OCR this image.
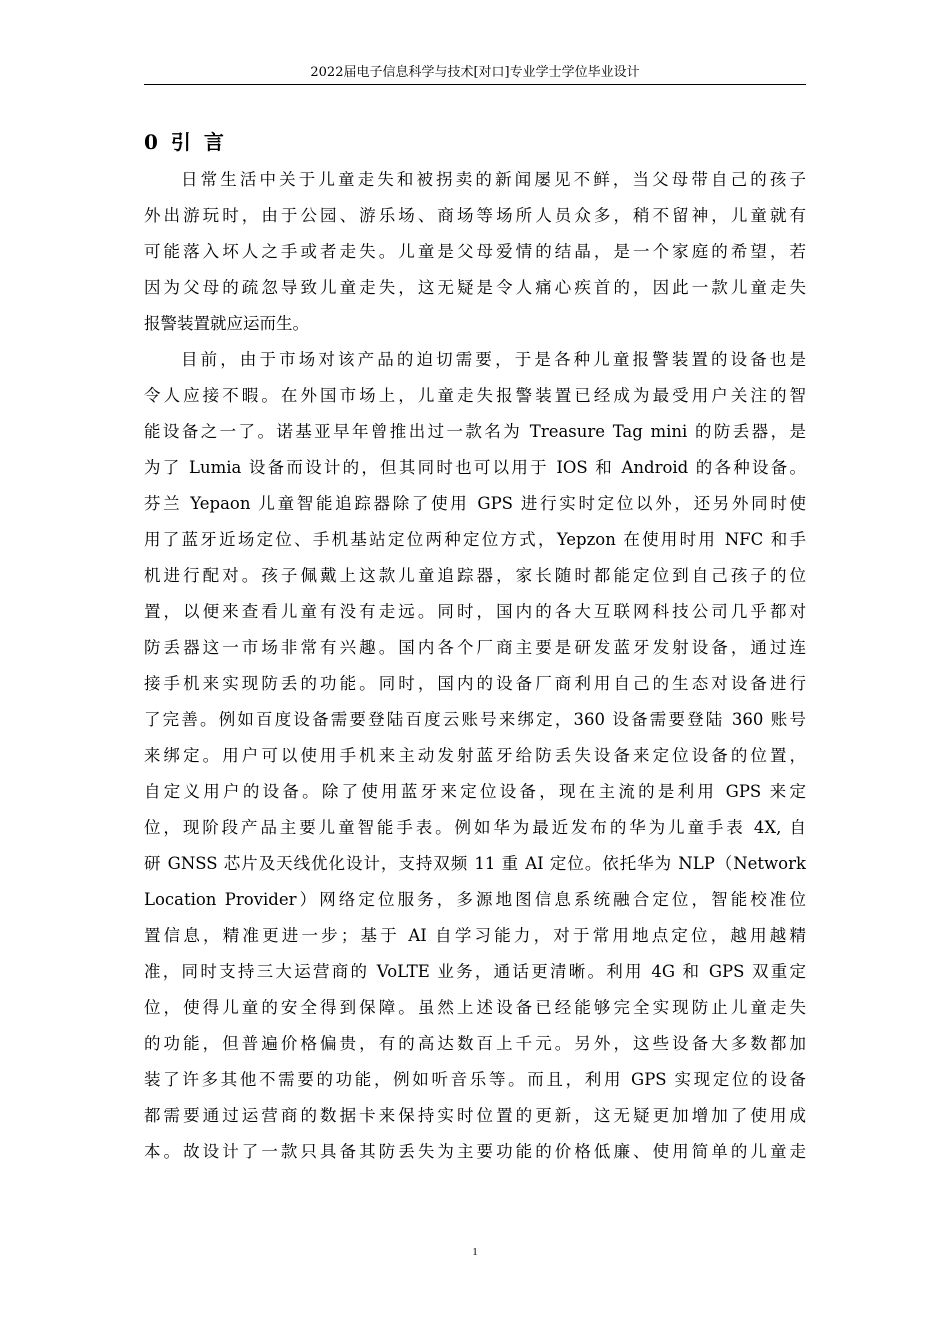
2022届电子信息科学与技术[对口]专业学士学位毕业设计
0 引 言
日常生活中关于儿童走失和被拐卖的新闻屡见不鲜，当父母带自己的孩子
外出游玩时，由于公园、游乐场、商场等场所人员众多，稍不留神，儿童就有
可能落入坏人之手或者走失。儿童是父母爱情的结晶，是一个家庭的希望，若
因为父母的疏忽导致儿童走失，这无疑是令人痛心疾首的，因此一款儿童走失
报警装置就应运而生。
目前，由于市场对该产品的迫切需要，于是各种儿童报警装置的设备也是
令人应接不暇。在外国市场上，儿童走失报警装置已经成为最受用户关注的智
能设备之一了。诺基亚早年曾推出过一款名为 Treasure Tag mini 的防丢器，是
为了 Lumia 设备而设计的，但其同时也可以用于 IOS 和 Android 的各种设备。
芬兰 Yepaon 儿童智能追踪器除了使用 GPS 进行实时定位以外，还另外同时使
用了蓝牙近场定位、手机基站定位两种定位方式，Yepzon 在使用时用 NFC 和手
机进行配对。孩子佩戴上这款儿童追踪器，家长随时都能定位到自己孩子的位
置，以便来查看儿童有没有走远。同时，国内的各大互联网科技公司几乎都对
防丢器这一市场非常有兴趣。国内各个厂商主要是研发蓝牙发射设备，通过连
接手机来实现防丢的功能。同时，国内的设备厂商利用自己的生态对设备进行
了完善。例如百度设备需要登陆百度云账号来绑定，360 设备需要登陆 360 账号
来绑定。用户可以使用手机来主动发射蓝牙给防丢失设备来定位设备的位置，
自定义用户的设备。除了使用蓝牙来定位设备，现在主流的是利用 GPS 来定
位，现阶段产品主要儿童智能手表。例如华为最近发布的华为儿童手表 4X, 自
研 GNSS 芯片及天线优化设计，支持双频 11 重 AI 定位。依托华为 NLP（Network
Location Provider）网络定位服务，多源地图信息系统融合定位，智能校准位
置信息，精准更进一步；基于 AI 自学习能力，对于常用地点定位，越用越精
准，同时支持三大运营商的 VoLTE 业务，通话更清晰。利用 4G 和 GPS 双重定
位，使得儿童的安全得到保障。虽然上述设备已经能够完全实现防止儿童走失
的功能，但普遍价格偏贵，有的高达数百上千元。另外，这些设备大多数都加
装了许多其他不需要的功能，例如听音乐等。而且，利用 GPS 实现定位的设备
都需要通过运营商的数据卡来保持实时位置的更新，这无疑更加增加了使用成
本。故设计了一款只具备其防丢失为主要功能的价格低廉、使用简单的儿童走
1
